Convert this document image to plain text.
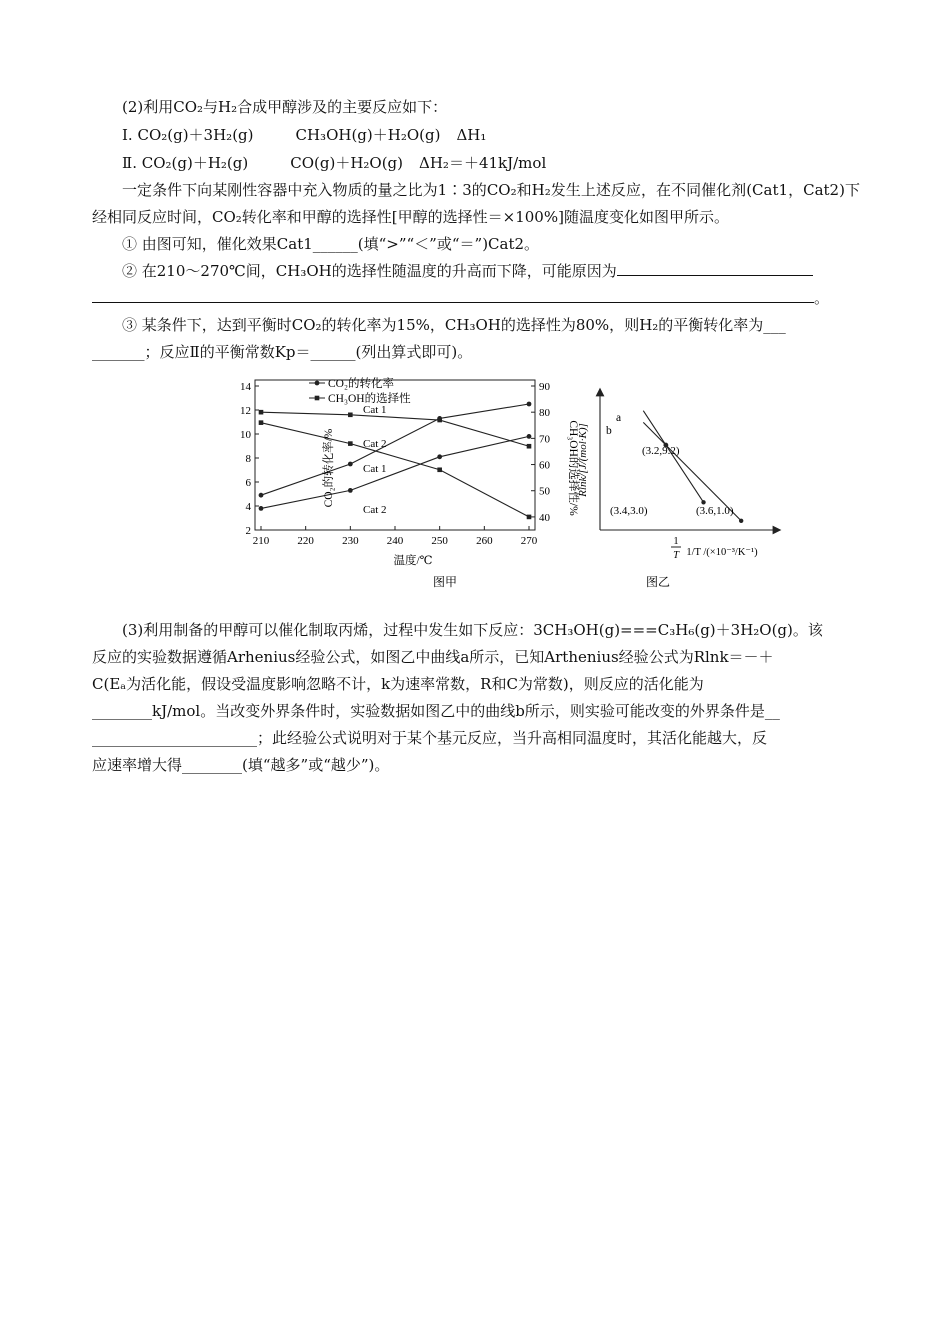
(2)利用CO₂与H₂合成甲醇涉及的主要反应如下：

Ⅰ. CO₂(g)＋3H₂(g)	CH₃OH(g)＋H₂O(g) ΔH₁
Ⅱ. CO₂(g)＋H₂(g)	CO(g)＋H₂O(g) ΔH₂＝＋41kJ/mol

一定条件下向某刚性容器中充入物质的量之比为1∶3的CO₂和H₂发生上述反应，在不同催化剂(Cat1，Cat2)下经相同反应时间，CO₂转化率和甲醇的选择性[甲醇的选择性＝×100%]随温度变化如图甲所示。

① 由图可知，催化效果Cat1______(填“>”“＜”或“＝”)Cat2。

② 在210～270℃间，CH₃OH的选择性随温度的升高而下降，可能原因为

。

③ 某条件下，达到平衡时CO₂的转化率为15%，CH₃OH的选择性为80%，则H₂的平衡转化率为___

_______；反应Ⅱ的平衡常数Kp＝______(列出算式即可)。

2
4
6
8
10
12
14
40
50
60
70
80
90
210	220	230	240	250	260	270
CO₂的转化率
CH₃OH的选择性
Cat 1
Cat 2
Cat 1
Cat 2
温度/℃
CO₂的转化率/%	CH₃OH的选择性/%
图甲
Rlnk/[J/(mol·K)]
1
T
a
b
(3.2,9.2)
(3.4,3.0)	(3.6,1.0)
1/T /(×10⁻³/K⁻¹)
图乙

(3)利用制备的甲醇可以催化制取丙烯，过程中发生如下反应：3CH₃OH(g)===C₃H₆(g)＋3H₂O(g)。该

反应的实验数据遵循Arhenius经验公式，如图乙中曲线a所示，已知Arthenius经验公式为Rlnk＝－＋

C(Eₐ为活化能，假设受温度影响忽略不计，k为速率常数，R和C为常数)，则反应的活化能为

________kJ/mol。当改变外界条件时，实验数据如图乙中的曲线b所示，则实验可能改变的外界条件是__

______________________；此经验公式说明对于某个基元反应，当升高相同温度时，其活化能越大，反

应速率增大得________(填“越多”或“越少”)。
